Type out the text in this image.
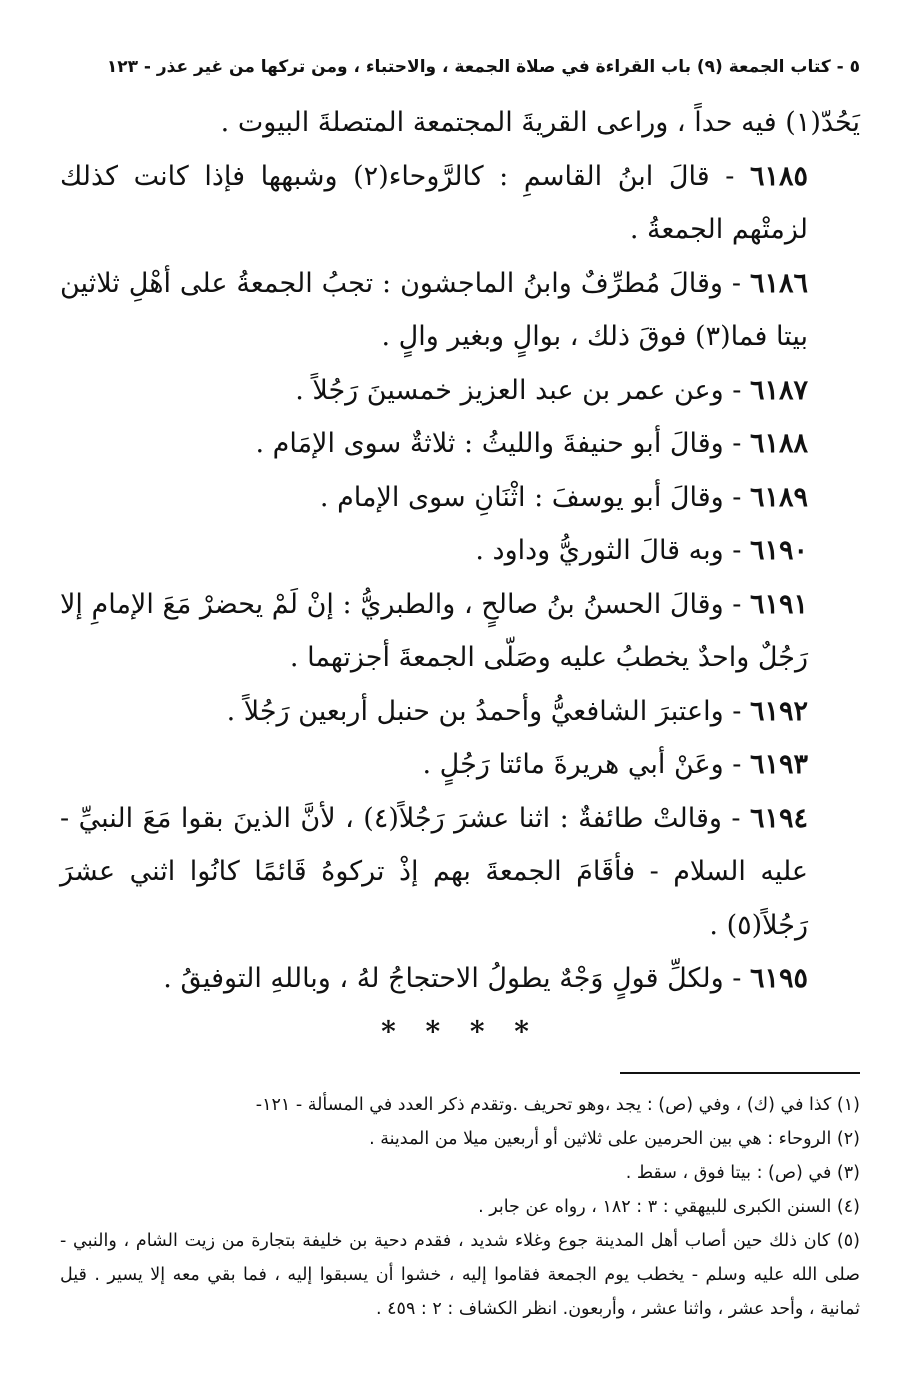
٥ - كتاب الجمعة (٩) باب القراءة في صلاة الجمعة ، والاحتباء ، ومن تركها من غير عذر - ١٢٣

يَحُدّ(١) فيه حداً ، وراعى القريةَ المجتمعة المتصلةَ البيوت .

٦١٨٥ - قالَ ابنُ القاسمِ : كالرَّوحاء(٢) وشبهها فإذا كانت كذلك لزمتْهم الجمعةُ .

٦١٨٦ - وقالَ مُطرِّفٌ وابنُ الماجشون : تجبُ الجمعةُ على أهْلِ ثلاثين بيتا فما(٣) فوقَ ذلك ، بوالٍ وبغير والٍ .

٦١٨٧ - وعن عمر بن عبد العزيز خمسينَ رَجُلاً .

٦١٨٨ - وقالَ أبو حنيفةَ والليثُ : ثلاثةٌ سوى الإمَام .

٦١٨٩ - وقالَ أبو يوسفَ : اثْنَانِ سوى الإمام .

٦١٩٠ - وبه قالَ الثوريُّ وداود .

٦١٩١ - وقالَ الحسنُ بنُ صالحٍ ، والطبريُّ : إنْ لَمْ يحضرْ مَعَ الإمامِ إلا رَجُلٌ واحدٌ يخطبُ عليه وصَلّى الجمعةَ أجزتهما .

٦١٩٢ - واعتبرَ الشافعيُّ وأحمدُ بن حنبل أربعين رَجُلاً .

٦١٩٣ - وعَنْ أبي هريرةَ مائتا رَجُلٍ .

٦١٩٤ - وقالتْ طائفةٌ : اثنا عشرَ رَجُلاً(٤) ، لأنَّ الذينَ بقوا مَعَ النبيِّ - عليه السلام - فأقَامَ الجمعةَ بهم إذْ تركوهُ قَائمًا كانُوا اثني عشرَ رَجُلاً(٥) .

٦١٩٥ - ولكلِّ قولٍ وَجْهٌ يطولُ الاحتجاجُ لهُ ، وباللهِ التوفيقُ .

* * * *

(١) كذا في (ك) ، وفي (ص) : يجد ،وهو تحريف .وتقدم ذكر العدد في المسألة - ١٢١-

(٢) الروحاء : هي بين الحرمين على ثلاثين أو أربعين ميلا من المدينة .

(٣) في (ص) : بيتا فوق ، سقط .

(٤) السنن الكبرى للبيهقي : ٣ : ١٨٢ ، رواه عن جابر .

(٥) كان ذلك حين أصاب أهل المدينة جوع وغلاء شديد ، فقدم دحية بن خليفة بتجارة من زيت الشام ، والنبي - صلى الله عليه وسلم - يخطب يوم الجمعة فقاموا إليه ، خشوا أن يسبقوا إليه ، فما بقي معه إلا يسير . قيل ثمانية ، وأحد عشر ، واثنا عشر ، وأربعون. انظر الكشاف : ٢ : ٤٥٩ .
